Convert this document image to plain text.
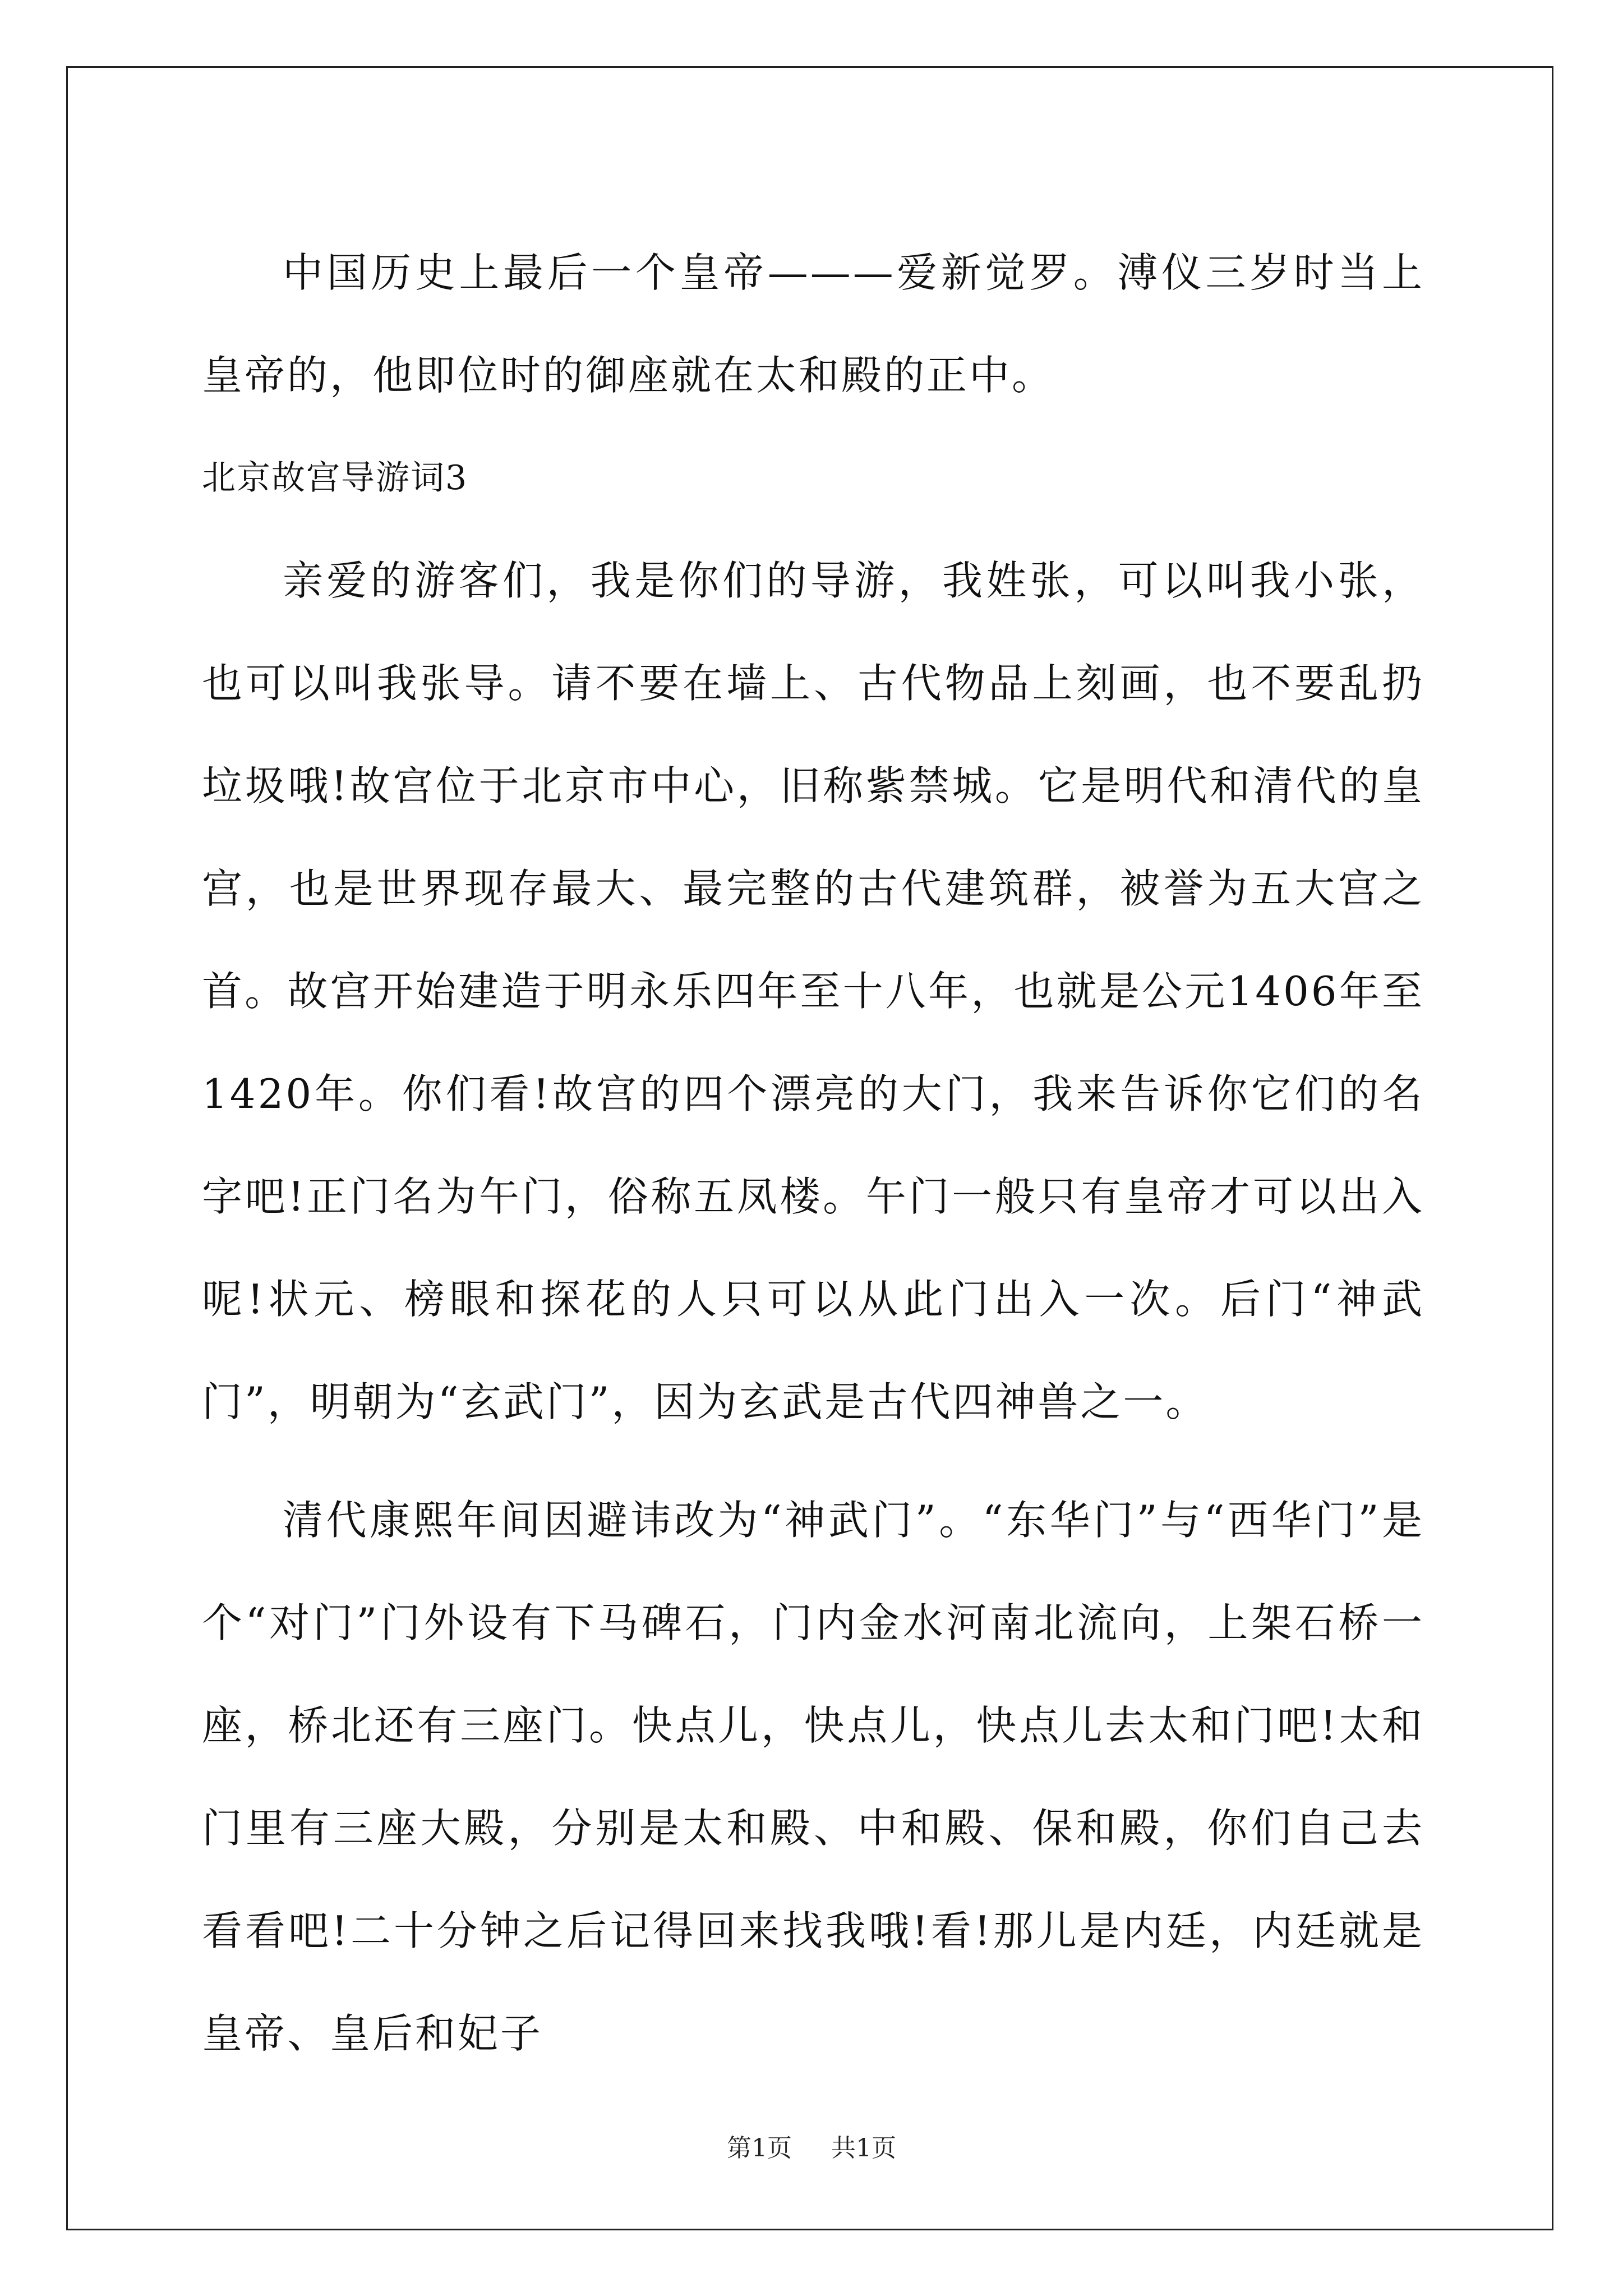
中国历史上最后一个皇帝———爱新觉罗。溥仪三岁时当上皇帝的，他即位时的御座就在太和殿的正中。

北京故宫导游词3

亲爱的游客们，我是你们的导游，我姓张，可以叫我小张，也可以叫我张导。请不要在墙上、古代物品上刻画，也不要乱扔垃圾哦!故宫位于北京市中心，旧称紫禁城。它是明代和清代的皇宫，也是世界现存最大、最完整的古代建筑群，被誉为五大宫之首。故宫开始建造于明永乐四年至十八年，也就是公元1406年至1420年。你们看!故宫的四个漂亮的大门，我来告诉你它们的名字吧!正门名为午门，俗称五凤楼。午门一般只有皇帝才可以出入呢!状元、榜眼和探花的人只可以从此门出入一次。后门“神武门”，明朝为“玄武门”，因为玄武是古代四神兽之一。

清代康熙年间因避讳改为“神武门”。“东华门”与“西华门”是个“对门”门外设有下马碑石，门内金水河南北流向，上架石桥一座，桥北还有三座门。快点儿，快点儿，快点儿去太和门吧!太和门里有三座大殿，分别是太和殿、中和殿、保和殿，你们自己去看看吧!二十分钟之后记得回来找我哦!看!那儿是内廷，内廷就是皇帝、皇后和妃子

第1页 共1页
